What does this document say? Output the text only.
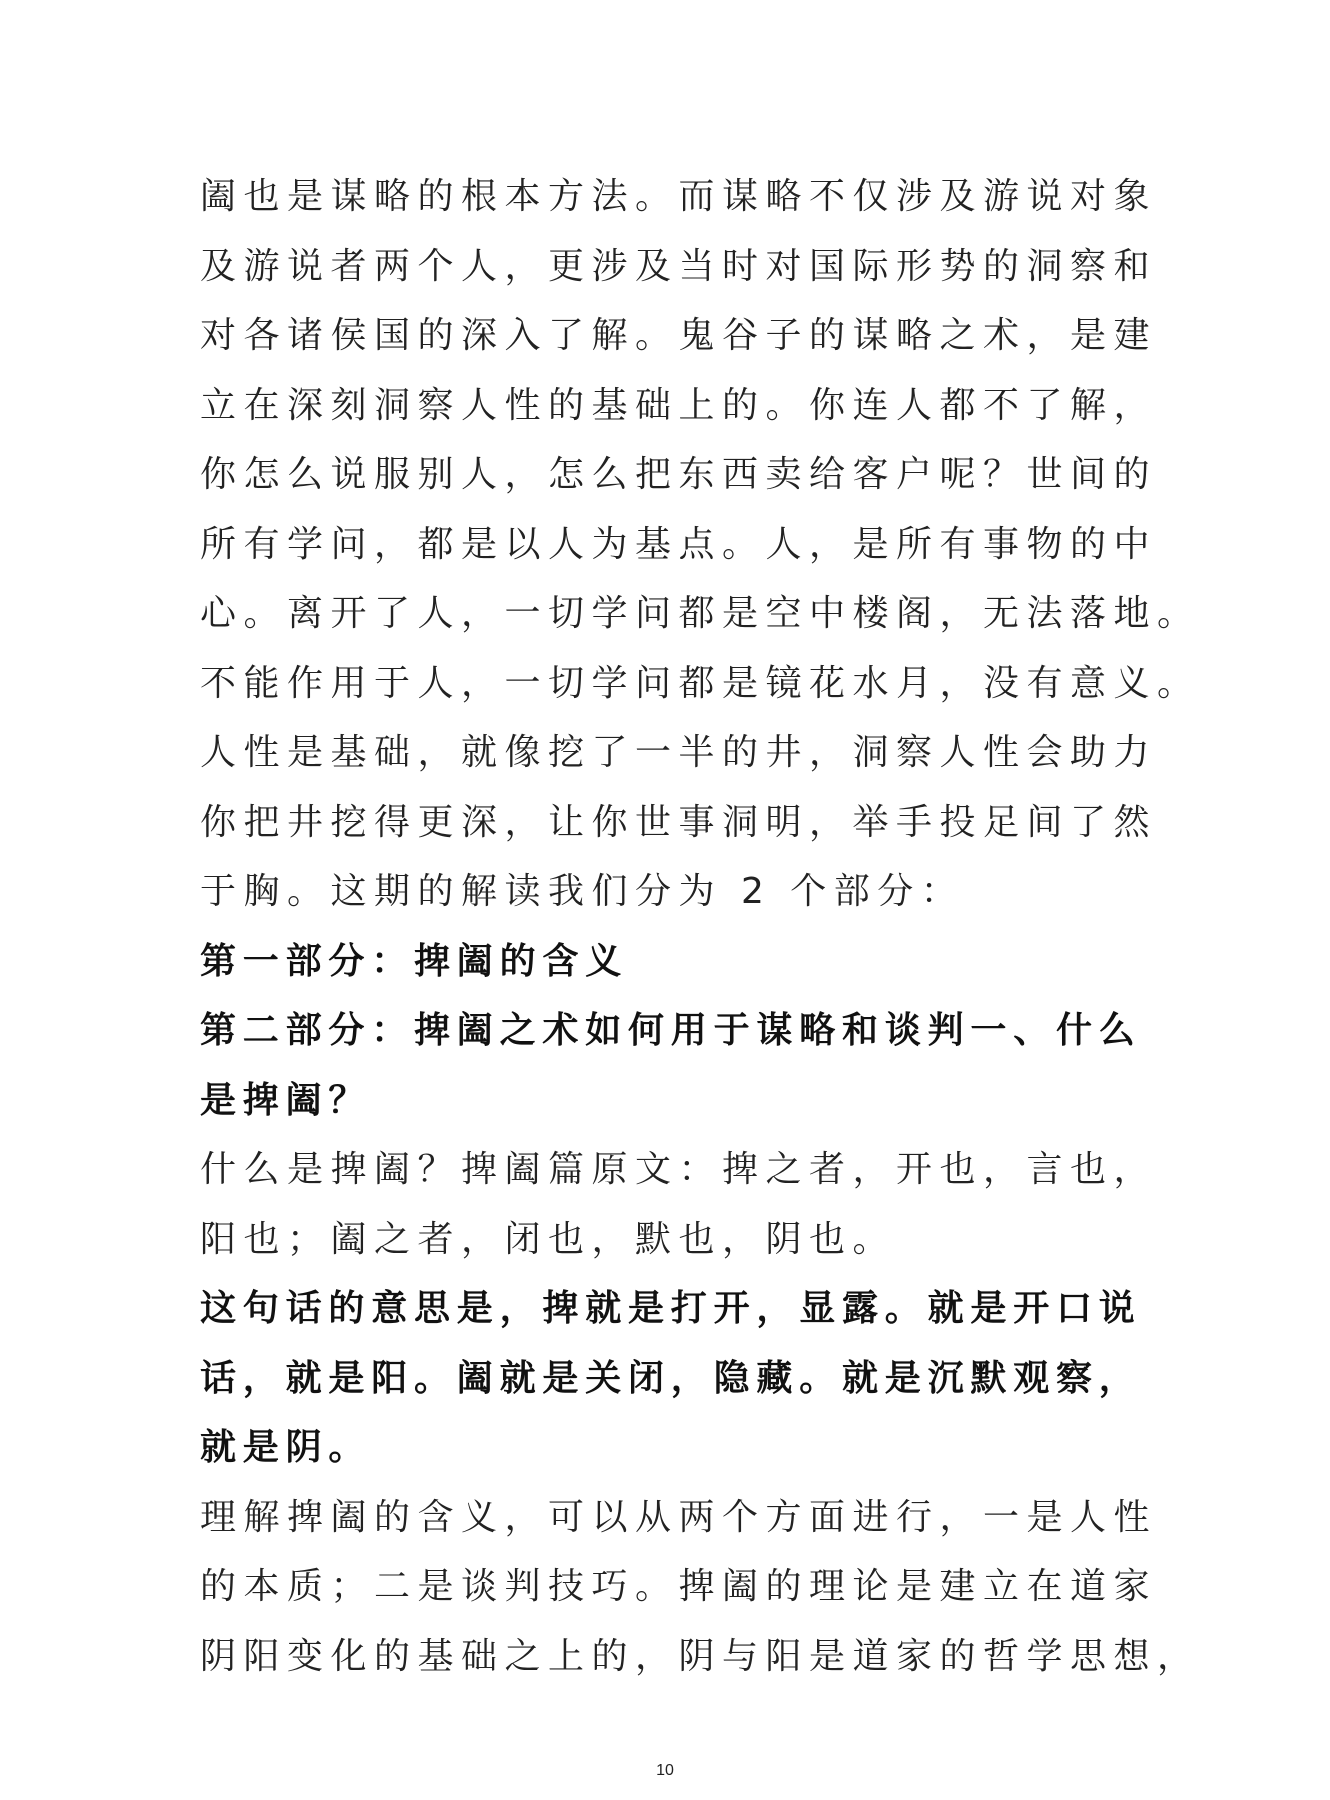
阖也是谋略的根本方法。而谋略不仅涉及游说对象
及游说者两个人，更涉及当时对国际形势的洞察和
对各诸侯国的深入了解。鬼谷子的谋略之术，是建
立在深刻洞察人性的基础上的。你连人都不了解，
你怎么说服别人，怎么把东西卖给客户呢？世间的
所有学问，都是以人为基点。人，是所有事物的中
心。离开了人，一切学问都是空中楼阁，无法落地。
不能作用于人，一切学问都是镜花水月，没有意义。
人性是基础，就像挖了一半的井，洞察人性会助力
你把井挖得更深，让你世事洞明，举手投足间了然
于胸。这期的解读我们分为 2 个部分：
第一部分：捭阖的含义
第二部分：捭阖之术如何用于谋略和谈判一、什么
是捭阖？
什么是捭阖？捭阖篇原文：捭之者，开也，言也，
阳也；阖之者，闭也，默也，阴也。
这句话的意思是，捭就是打开，显露。就是开口说
话，就是阳。阖就是关闭，隐藏。就是沉默观察，
就是阴。
理解捭阖的含义，可以从两个方面进行，一是人性
的本质；二是谈判技巧。捭阖的理论是建立在道家
阴阳变化的基础之上的，阴与阳是道家的哲学思想，
10
